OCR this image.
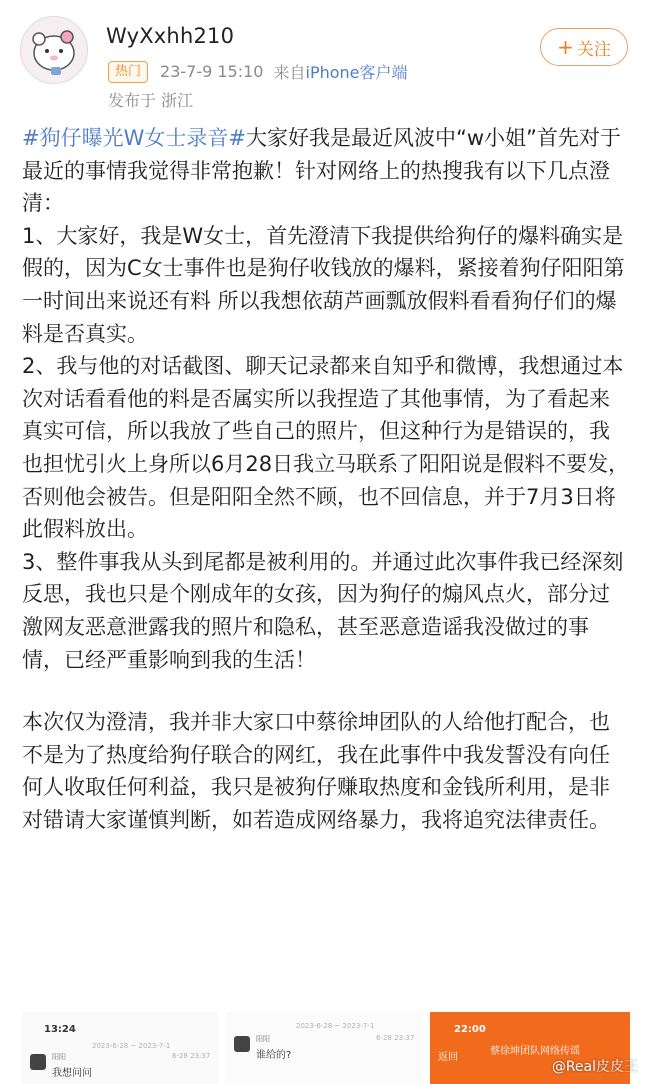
WyXxhh210
热门	23-7-9 15:10 来自 iPhone客户端
发布于 浙江
+ 关注

#狗仔曝光W女士录音#大家好我是最近风波中“w小姐”首先对于最近的事情我觉得非常抱歉！针对网络上的热搜我有以下几点澄清：

1、大家好，我是W女士，首先澄清下我提供给狗仔的爆料确实是假的，因为C女士事件也是狗仔收钱放的爆料，紧接着狗仔阳阳第一时间出来说还有料 所以我想依葫芦画瓢放假料看看狗仔们的爆料是否真实。

2、我与他的对话截图、聊天记录都来自知乎和微博，我想通过本次对话看看他的料是否属实所以我捏造了其他事情，为了看起来真实可信，所以我放了些自己的照片，但这种行为是错误的，我也担忧引火上身所以6月28日我立马联系了阳阳说是假料不要发，否则他会被告。但是阳阳全然不顾，也不回信息，并于7月3日将此假料放出。

3、整件事我从头到尾都是被利用的。并通过此次事件我已经深刻反思，我也只是个刚成年的女孩，因为狗仔的煽风点火，部分过激网友恶意泄露我的照片和隐私，甚至恶意造谣我没做过的事情，已经严重影响到我的生活！

本次仅为澄清，我并非大家口中蔡徐坤团队的人给他打配合，也不是为了热度给狗仔联合的网红，我在此事件中我发誓没有向任何人收取任何利益，我只是被狗仔赚取热度和金钱所利用，是非对错请大家谨慎判断，如若造成网络暴力，我将追究法律责任。

13:24
2023-6-28 ~ 2023-7-1
阳阳
我想问问
6-28 23:37
2023-6-28 ~ 2023-7-1
阳阳
谁给的?
6-28 23:37
22:00
返回
蔡徐坤团队网络传谣
@Real皮皮王
